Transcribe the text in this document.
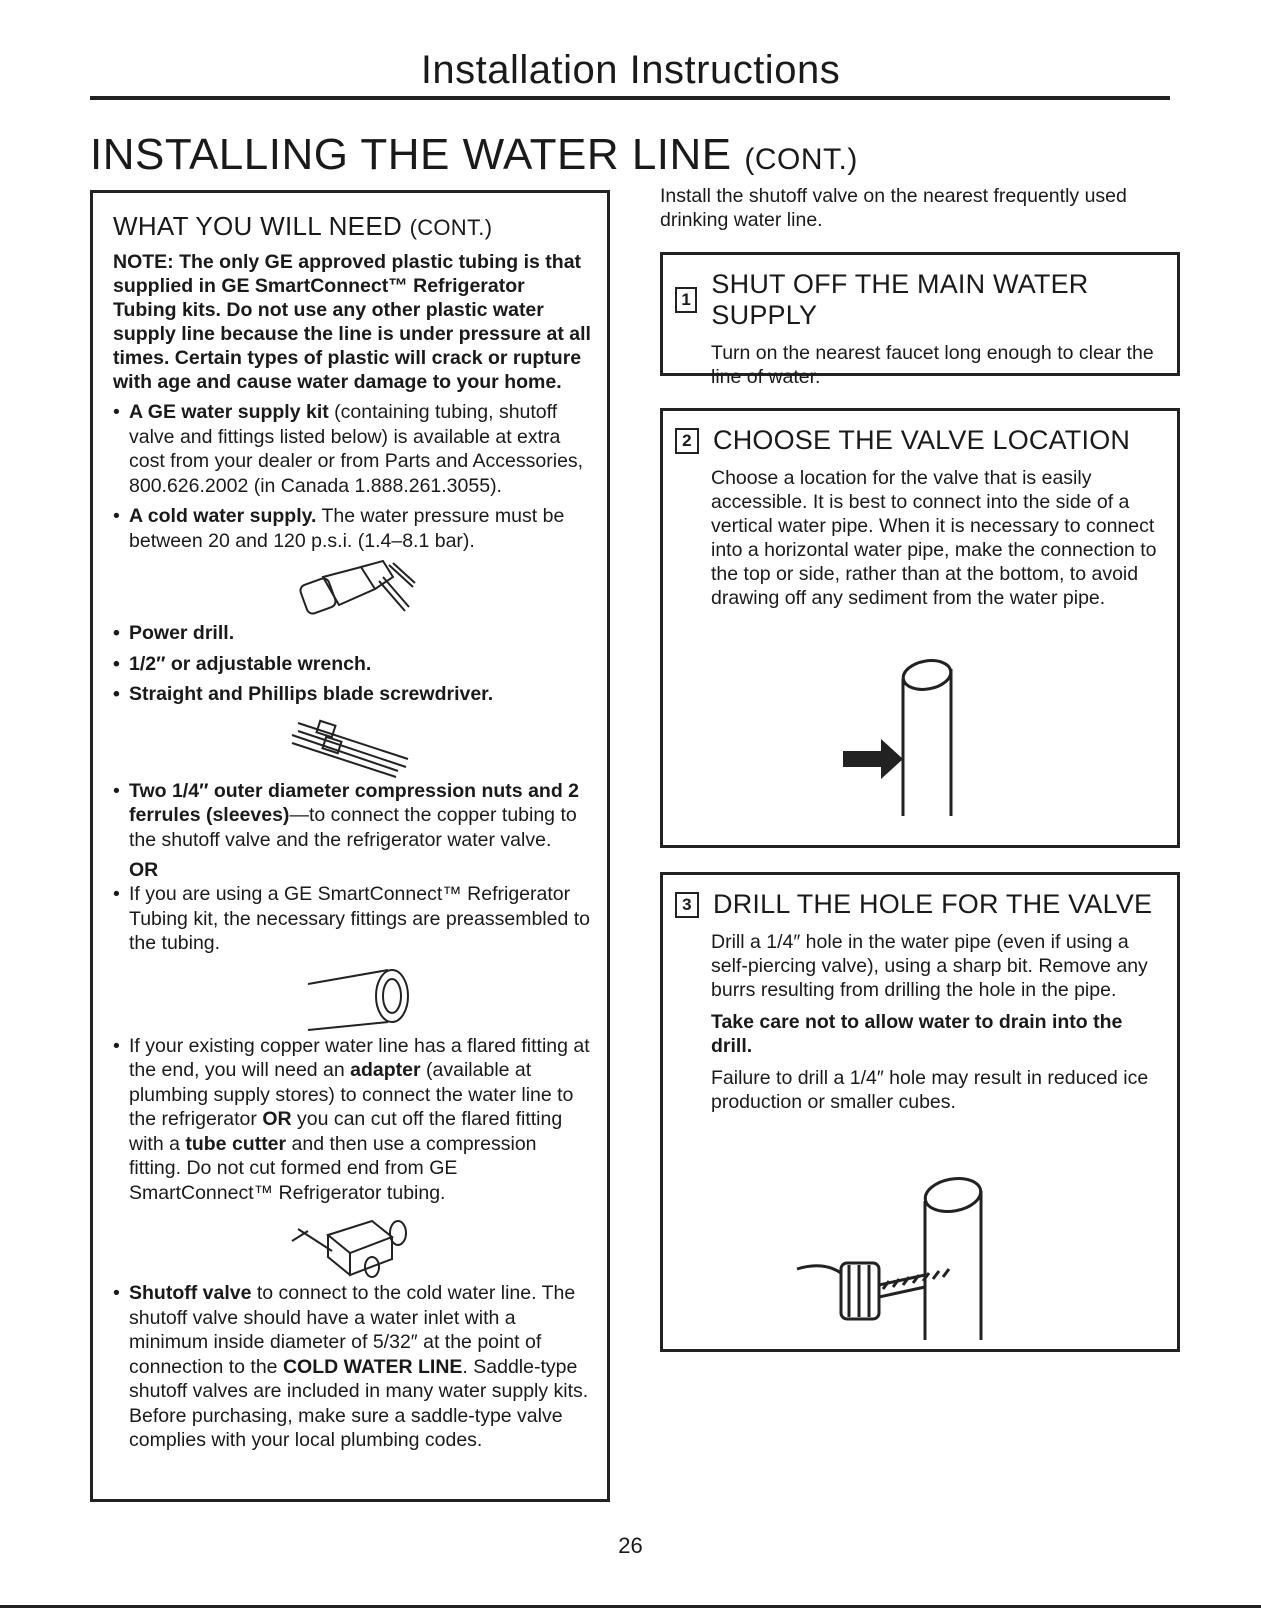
Installation Instructions
INSTALLING THE WATER LINE (CONT.)
WHAT YOU WILL NEED (CONT.)
NOTE: The only GE approved plastic tubing is that supplied in GE SmartConnect™ Refrigerator Tubing kits. Do not use any other plastic water supply line because the line is under pressure at all times. Certain types of plastic will crack or rupture with age and cause water damage to your home.
• A GE water supply kit (containing tubing, shutoff valve and fittings listed below) is available at extra cost from your dealer or from Parts and Accessories, 800.626.2002 (in Canada 1.888.261.3055).
• A cold water supply. The water pressure must be between 20 and 120 p.s.i. (1.4–8.1 bar).
• Power drill.
• 1/2″ or adjustable wrench.
• Straight and Phillips blade screwdriver.
• Two 1/4″ outer diameter compression nuts and 2 ferrules (sleeves)—to connect the copper tubing to the shutoff valve and the refrigerator water valve.
OR
• If you are using a GE SmartConnect™ Refrigerator Tubing kit, the necessary fittings are preassembled to the tubing.
• If your existing copper water line has a flared fitting at the end, you will need an adapter (available at plumbing supply stores) to connect the water line to the refrigerator OR you can cut off the flared fitting with a tube cutter and then use a compression fitting. Do not cut formed end from GE SmartConnect™ Refrigerator tubing.
• Shutoff valve to connect to the cold water line. The shutoff valve should have a water inlet with a minimum inside diameter of 5/32″ at the point of connection to the COLD WATER LINE. Saddle-type shutoff valves are included in many water supply kits. Before purchasing, make sure a saddle-type valve complies with your local plumbing codes.
Install the shutoff valve on the nearest frequently used drinking water line.
1
SHUT OFF THE MAIN WATER SUPPLY
Turn on the nearest faucet long enough to clear the line of water.
2 CHOOSE THE VALVE LOCATION
Choose a location for the valve that is easily accessible. It is best to connect into the side of a vertical water pipe. When it is necessary to connect into a horizontal water pipe, make the connection to the top or side, rather than at the bottom, to avoid drawing off any sediment from the water pipe.
3 DRILL THE HOLE FOR THE VALVE
Drill a 1/4″ hole in the water pipe (even if using a self-piercing valve), using a sharp bit. Remove any burrs resulting from drilling the hole in the pipe.
Take care not to allow water to drain into the drill.
Failure to drill a 1/4″ hole may result in reduced ice production or smaller cubes.
26
